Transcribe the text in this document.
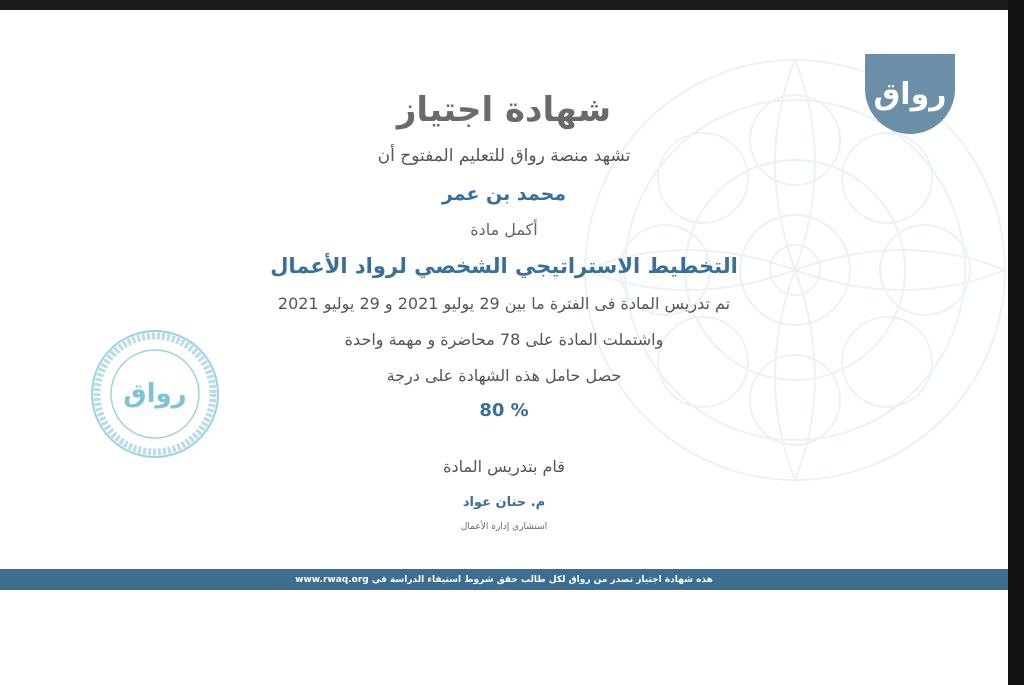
رواق
رواق
شهادة اجتياز
تشهد منصة رواق للتعليم المفتوح أن
محمد بن عمر
أكمل مادة
التخطيط الاستراتيجي الشخصي لرواد الأعمال
تم تدريس المادة فى الفترة ما بين 29 يوليو 2021 و 29 يوليو 2021
واشتملت المادة على 78 محاضرة و مهمة واحدة
حصل حامل هذه الشهادة على درجة
% 80
قام بتدريس المادة
م. حنان عواد
استشاري إدارة الأعمال
هذه شهادة اجتياز تصدر من رواق لكل طالب حقق شروط استيفاء الدراسة في www.rwaq.org
